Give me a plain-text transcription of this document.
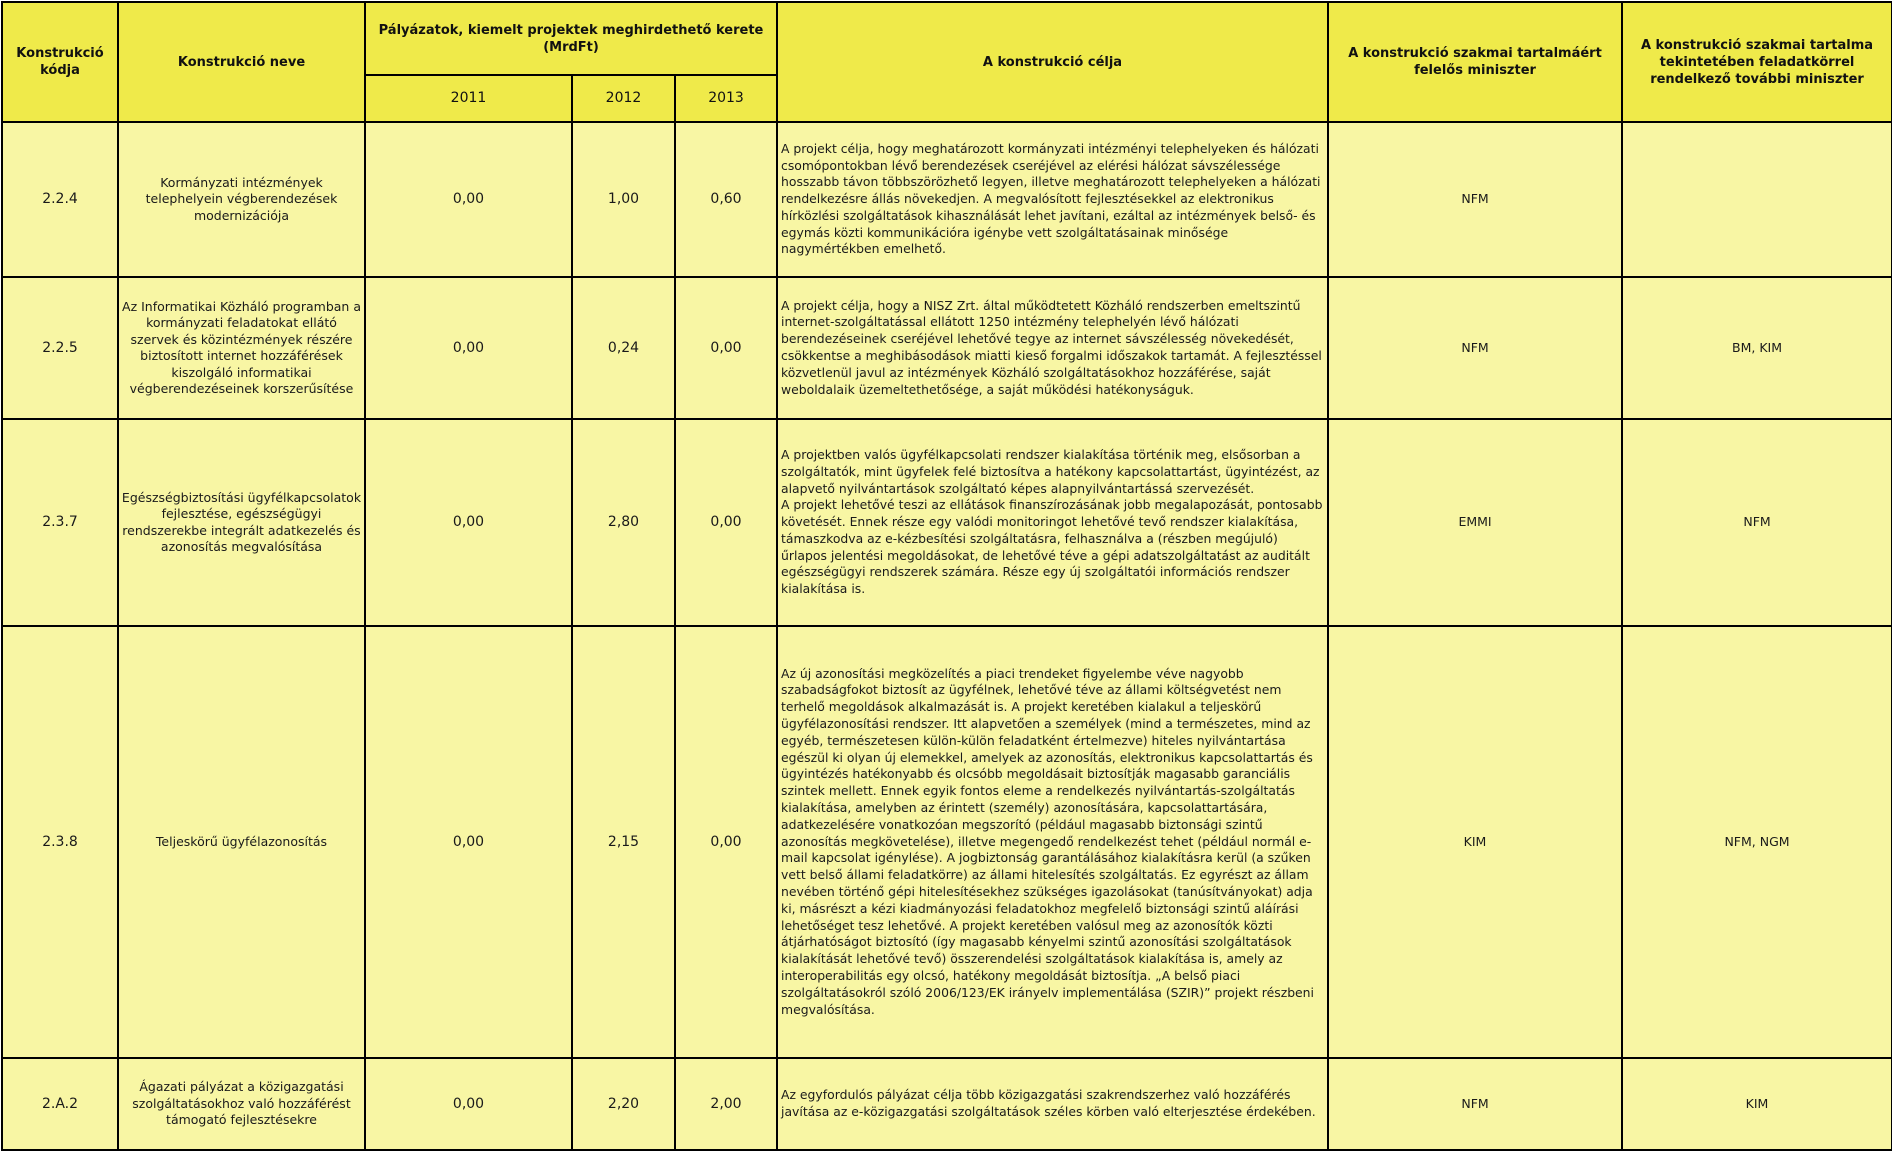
Konstrukció kódja	Konstrukció neve	Pályázatok, kiemelt projektek meghirdethető kerete (MrdFt)			A konstrukció célja	A konstrukció szakmai tartalmáért felelős miniszter	A konstrukció szakmai tartalma tekintetében feladatkörrel rendelkező további miniszter
		2011	2012	2013			
2.2.4	Kormányzati intézmények telephelyein végberendezések modernizációja	0,00	1,00	0,60	A projekt célja, hogy meghatározott kormányzati intézményi telephelyeken és hálózati csomópontokban lévő berendezések cseréjével az elérési hálózat sávszélessége hosszabb távon többszörözhető legyen, illetve meghatározott telephelyeken a hálózati rendelkezésre állás növekedjen. A megvalósított fejlesztésekkel az elektronikus hírközlési szolgáltatások kihasználását lehet javítani, ezáltal az intézmények belső- és egymás közti kommunikációra igénybe vett szolgáltatásainak minősége nagymértékben emelhető.	NFM	
2.2.5	Az Informatikai Közháló programban a kormányzati feladatokat ellátó szervek és közintézmények részére biztosított internet hozzáférések kiszolgáló informatikai végberendezéseinek korszerűsítése	0,00	0,24	0,00	A projekt célja, hogy a NISZ Zrt. által működtetett Közháló rendszerben emeltszintű internet-szolgáltatással ellátott 1250 intézmény telephelyén lévő hálózati berendezéseinek cseréjével lehetővé tegye az internet sávszélesség növekedését, csökkentse a meghibásodások miatti kieső forgalmi időszakok tartamát. A fejlesztéssel közvetlenül javul az intézmények Közháló szolgáltatásokhoz hozzáférése, saját weboldalaik üzemeltethetősége, a saját működési hatékonyságuk.	NFM	BM, KIM
2.3.7	Egészségbiztosítási ügyfélkapcsolatok fejlesztése, egészségügyi rendszerekbe integrált adatkezelés és azonosítás megvalósítása	0,00	2,80	0,00	A projektben valós ügyfélkapcsolati rendszer kialakítása történik meg, elsősorban a szolgáltatók, mint ügyfelek felé biztosítva a hatékony kapcsolattartást, ügyintézést, az alapvető nyilvántartások szolgáltató képes alapnyilvántartássá szervezését.
A projekt lehetővé teszi az ellátások finanszírozásának jobb megalapozását, pontosabb követését. Ennek része egy valódi monitoringot lehetővé tevő rendszer kialakítása, támaszkodva az e-kézbesítési szolgáltatásra, felhasználva a (részben megújuló) űrlapos jelentési megoldásokat, de lehetővé téve a gépi adatszolgáltatást az auditált egészségügyi rendszerek számára. Része egy új szolgáltatói információs rendszer kialakítása is.	EMMI	NFM
2.3.8	Teljeskörű ügyfélazonosítás	0,00	2,15	0,00	Az új azonosítási megközelítés a piaci trendeket figyelembe véve nagyobb szabadságfokot biztosít az ügyfélnek, lehetővé téve az állami költségvetést nem terhelő megoldások alkalmazását is. A projekt keretében kialakul a teljeskörű ügyfélazonosítási rendszer. Itt alapvetően a személyek (mind a természetes, mind az egyéb, természetesen külön-külön feladatként értelmezve) hiteles nyilvántartása egészül ki olyan új elemekkel, amelyek az azonosítás, elektronikus kapcsolattartás és ügyintézés hatékonyabb és olcsóbb megoldásait biztosítják magasabb garanciális szintek mellett. Ennek egyik fontos eleme a rendelkezés nyilvántartás-szolgáltatás kialakítása, amelyben az érintett (személy) azonosítására, kapcsolattartására, adatkezelésére vonatkozóan megszorító (például magasabb biztonsági szintű azonosítás megkövetelése), illetve megengedő rendelkezést tehet (például normál e-mail kapcsolat igénylése). A jogbiztonság garantálásához kialakításra kerül (a szűken vett belső állami feladatkörre) az állami hitelesítés szolgáltatás. Ez egyrészt az állam nevében történő gépi hitelesítésekhez szükséges igazolásokat (tanúsítványokat) adja ki, másrészt a kézi kiadmányozási feladatokhoz megfelelő biztonsági szintű aláírási lehetőséget tesz lehetővé. A projekt keretében valósul meg az azonosítók közti átjárhatóságot biztosító (így magasabb kényelmi szintű azonosítási szolgáltatások kialakítását lehetővé tevő) összerendelési szolgáltatások kialakítása is, amely az interoperabilitás egy olcsó, hatékony megoldását biztosítja. „A belső piaci szolgáltatásokról szóló 2006/123/EK irányelv implementálása (SZIR)” projekt részbeni megvalósítása.	KIM	NFM, NGM
2.A.2	Ágazati pályázat a közigazgatási szolgáltatásokhoz való hozzáférést támogató fejlesztésekre	0,00	2,20	2,00	Az egyfordulós pályázat célja több közigazgatási szakrendszerhez való hozzáférés javítása az e-közigazgatási szolgáltatások széles körben való elterjesztése érdekében.	NFM	KIM
